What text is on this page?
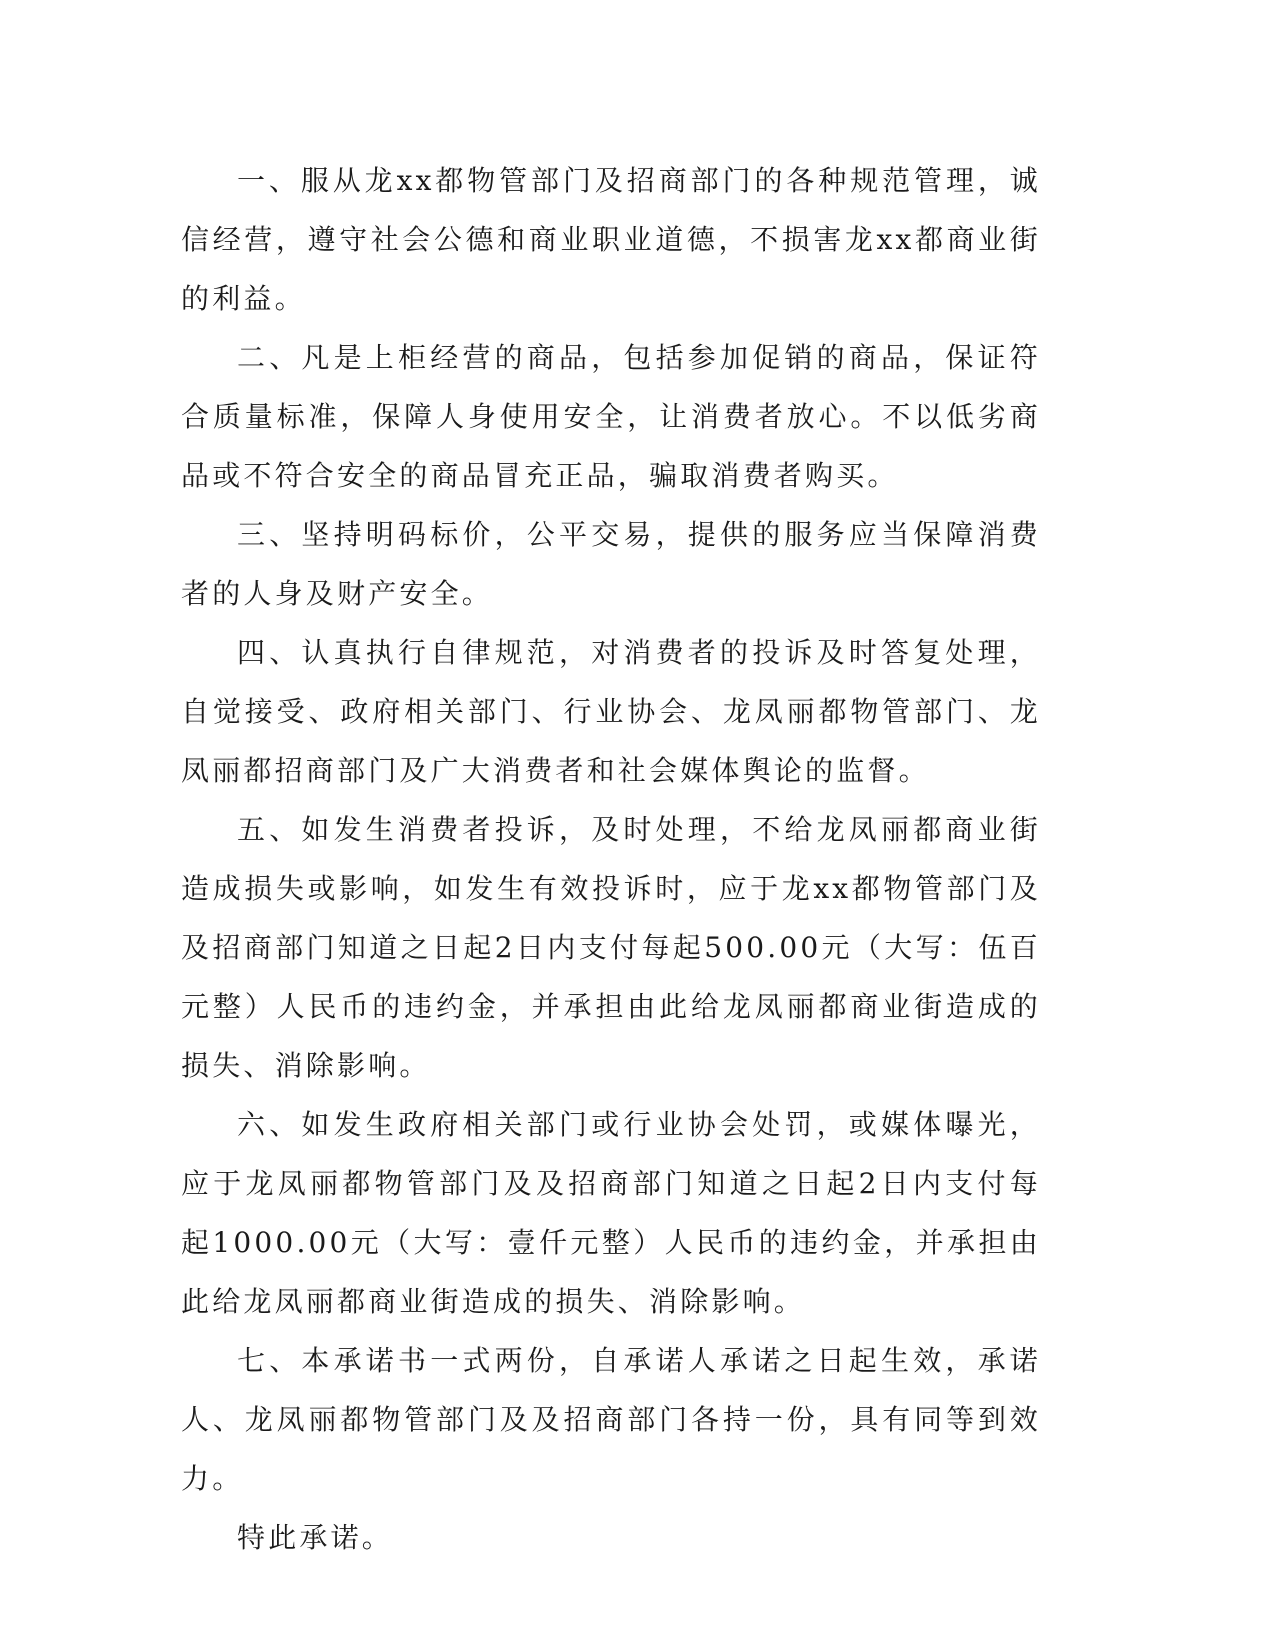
一、服从龙xx都物管部门及招商部门的各种规范管理，诚信经营，遵守社会公德和商业职业道德，不损害龙xx都商业街的利益。

二、凡是上柜经营的商品，包括参加促销的商品，保证符合质量标准，保障人身使用安全，让消费者放心。不以低劣商品或不符合安全的商品冒充正品，骗取消费者购买。

三、坚持明码标价，公平交易，提供的服务应当保障消费者的人身及财产安全。

四、认真执行自律规范，对消费者的投诉及时答复处理，自觉接受、政府相关部门、行业协会、龙凤丽都物管部门、龙凤丽都招商部门及广大消费者和社会媒体舆论的监督。

五、如发生消费者投诉，及时处理，不给龙凤丽都商业街造成损失或影响，如发生有效投诉时，应于龙xx都物管部门及及招商部门知道之日起2日内支付每起500.00元（大写：伍百元整）人民币的违约金，并承担由此给龙凤丽都商业街造成的损失、消除影响。

六、如发生政府相关部门或行业协会处罚，或媒体曝光，应于龙凤丽都物管部门及及招商部门知道之日起2日内支付每起1000.00元（大写：壹仟元整）人民币的违约金，并承担由此给龙凤丽都商业街造成的损失、消除影响。

七、本承诺书一式两份，自承诺人承诺之日起生效，承诺人、龙凤丽都物管部门及及招商部门各持一份，具有同等到效力。

特此承诺。
